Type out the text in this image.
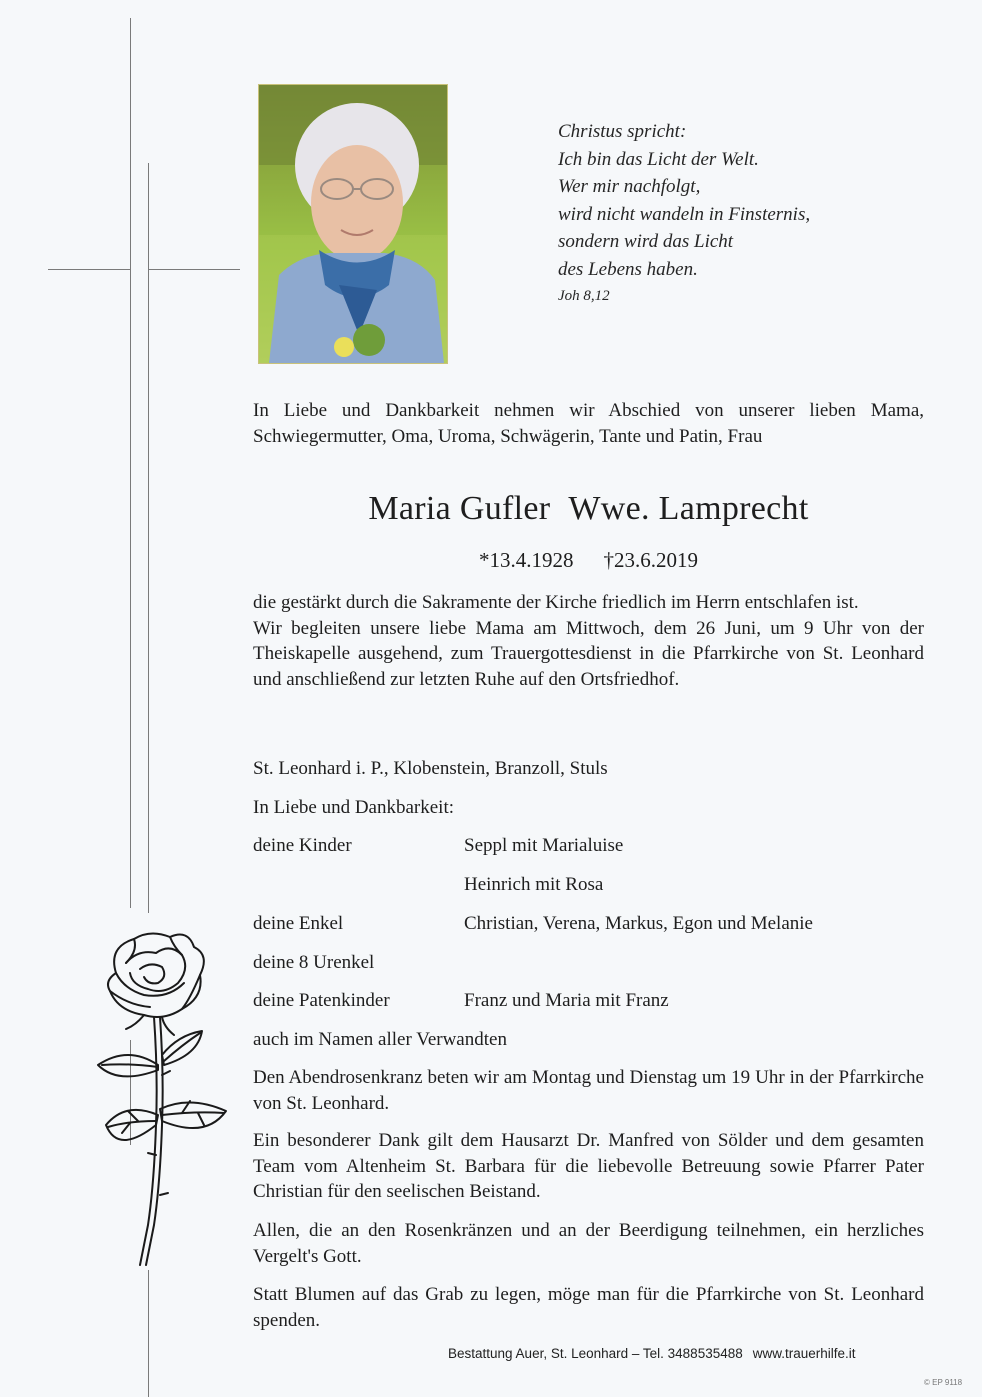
Christus spricht:
Ich bin das Licht der Welt.
Wer mir nachfolgt,
wird nicht wandeln in Finsternis,
sondern wird das Licht
des Lebens haben.
Joh 8,12

In Liebe und Dankbarkeit nehmen wir Abschied von unserer lieben Mama, Schwiegermutter, Oma, Uroma, Schwägerin, Tante und Patin, Frau

Maria Gufler Wwe. Lamprecht
*13.4.1928 †23.6.2019

die gestärkt durch die Sakramente der Kirche friedlich im Herrn entschlafen ist.

Wir begleiten unsere liebe Mama am Mittwoch, dem 26 Juni, um 9 Uhr von der Theiskapelle ausgehend, zum Trauergottesdienst in die Pfarrkirche von St. Leonhard und anschließend zur letzten Ruhe auf den Ortsfriedhof.

St. Leonhard i. P., Klobenstein, Branzoll, Stuls
In Liebe und Dankbarkeit:
deine Kinder	Seppl mit Marialuise
Heinrich mit Rosa
deine Enkel	Christian, Verena, Markus, Egon und Melanie
deine 8 Urenkel
deine Patenkinder	Franz und Maria mit Franz
auch im Namen aller Verwandten

Den Abendrosenkranz beten wir am Montag und Dienstag um 19 Uhr in der Pfarrkirche von St. Leonhard.

Ein besonderer Dank gilt dem Hausarzt Dr. Manfred von Sölder und dem gesamten Team vom Altenheim St. Barbara für die liebevolle Betreuung sowie Pfarrer Pater Christian für den seelischen Beistand.

Allen, die an den Rosenkränzen und an der Beerdigung teilnehmen, ein herzliches Vergelt's Gott.

Statt Blumen auf das Grab zu legen, möge man für die Pfarrkirche von St. Leonhard spenden.

Bestattung Auer, St. Leonhard – Tel. 3488535488 www.trauerhilfe.it
© EP 9118
